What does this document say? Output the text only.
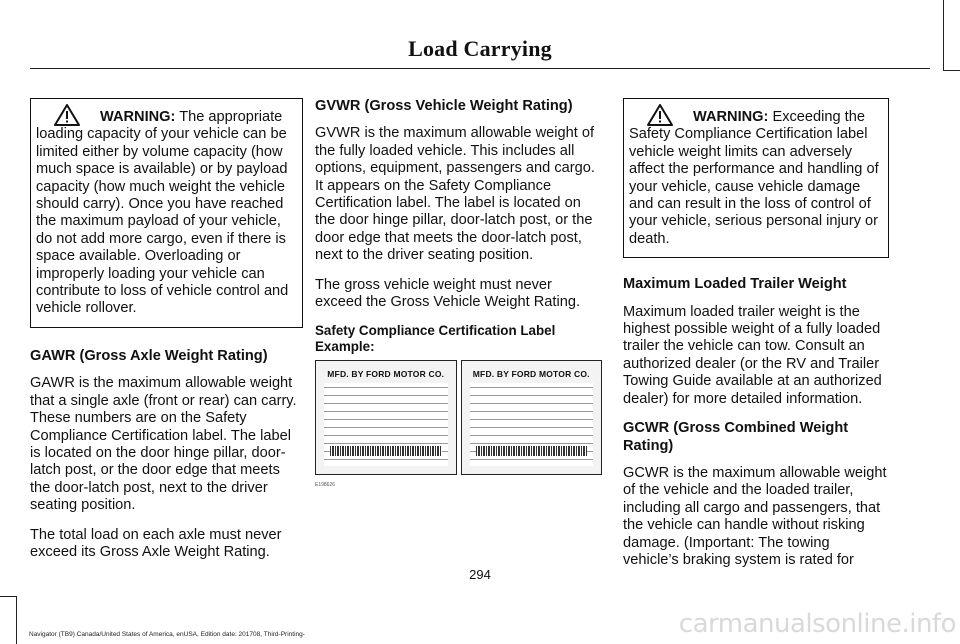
Load Carrying
WARNING: The appropriate loading capacity of your vehicle can be limited either by volume capacity (how much space is available) or by payload capacity (how much weight the vehicle should carry). Once you have reached the maximum payload of your vehicle, do not add more cargo, even if there is space available. Overloading or improperly loading your vehicle can contribute to loss of vehicle control and vehicle rollover.
GAWR (Gross Axle Weight Rating)

GAWR is the maximum allowable weight that a single axle (front or rear) can carry. These numbers are on the Safety Compliance Certification label. The label is located on the door hinge pillar, door-latch post, or the door edge that meets the door-latch post, next to the driver seating position.

The total load on each axle must never exceed its Gross Axle Weight Rating.

GVWR (Gross Vehicle Weight Rating)

GVWR is the maximum allowable weight of the fully loaded vehicle. This includes all options, equipment, passengers and cargo. It appears on the Safety Compliance Certification label. The label is located on the door hinge pillar, door-latch post, or the door edge that meets the door-latch post, next to the driver seating position.

The gross vehicle weight must never exceed the Gross Vehicle Weight Rating.

Safety Compliance Certification Label Example:
MFD. BY FORD MOTOR CO.	MFD. BY FORD MOTOR CO.
E198626
WARNING: Exceeding the Safety Compliance Certification label vehicle weight limits can adversely affect the performance and handling of your vehicle, cause vehicle damage and can result in the loss of control of your vehicle, serious personal injury or death.
Maximum Loaded Trailer Weight

Maximum loaded trailer weight is the highest possible weight of a fully loaded trailer the vehicle can tow. Consult an authorized dealer (or the RV and Trailer Towing Guide available at an authorized dealer) for more detailed information.

GCWR (Gross Combined Weight Rating)

GCWR is the maximum allowable weight of the vehicle and the loaded trailer, including all cargo and passengers, that the vehicle can handle without risking damage. (Important: The towing vehicle’s braking system is rated for

294
Navigator (TB9) Canada/United States of America, enUSA, Edition date: 201708, Third-Printing-	carmanualsonline.info
